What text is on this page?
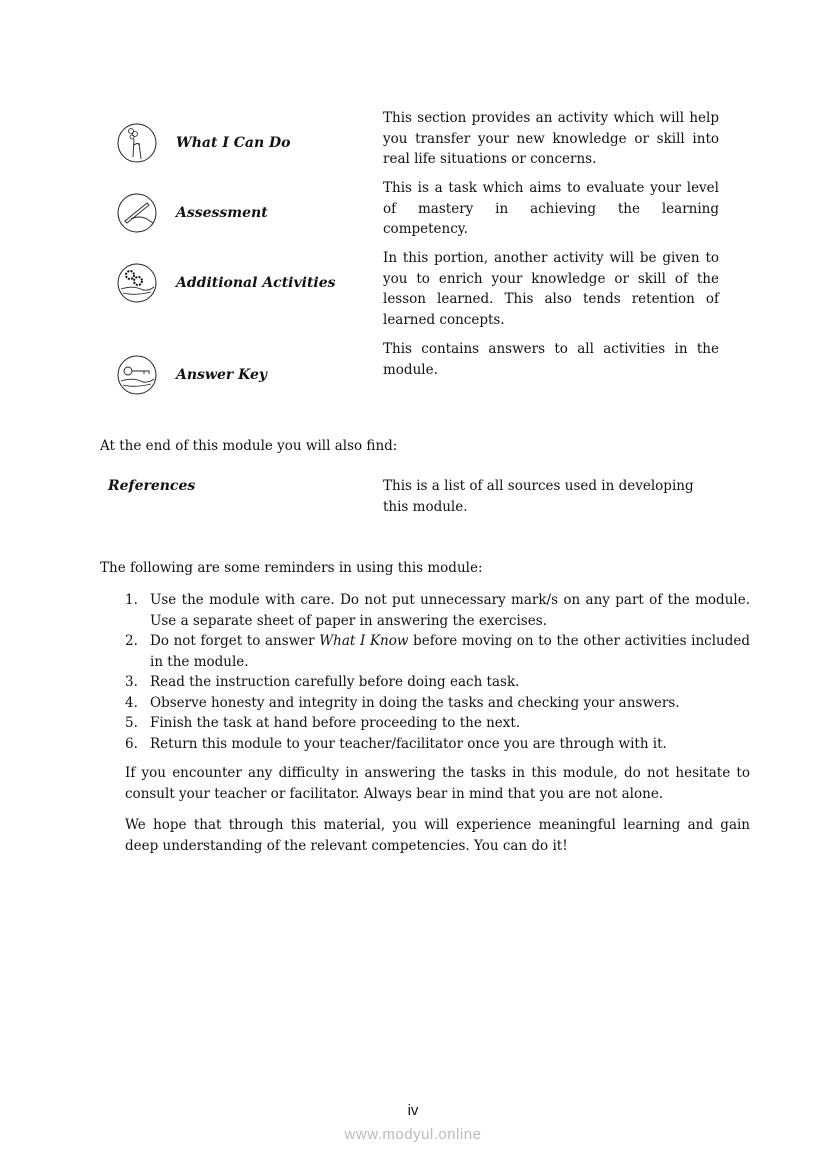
What I Can Do
This section provides an activity which will help you transfer your new knowledge or skill into real life situations or concerns.
Assessment
This is a task which aims to evaluate your level of mastery in achieving the learning competency.
Additional Activities
In this portion, another activity will be given to you to enrich your knowledge or skill of the lesson learned. This also tends retention of learned concepts.
Answer Key
This contains answers to all activities in the module.
At the end of this module you will also find:
References	This is a list of all sources used in developing this module.
The following are some reminders in using this module:
1. Use the module with care. Do not put unnecessary mark/s on any part of the module. Use a separate sheet of paper in answering the exercises.
2. Do not forget to answer What I Know before moving on to the other activities included in the module.
3. Read the instruction carefully before doing each task.
4. Observe honesty and integrity in doing the tasks and checking your answers.
5. Finish the task at hand before proceeding to the next.
6. Return this module to your teacher/facilitator once you are through with it.
If you encounter any difficulty in answering the tasks in this module, do not hesitate to consult your teacher or facilitator. Always bear in mind that you are not alone.
We hope that through this material, you will experience meaningful learning and gain deep understanding of the relevant competencies. You can do it!
iv
www.modyul.online
